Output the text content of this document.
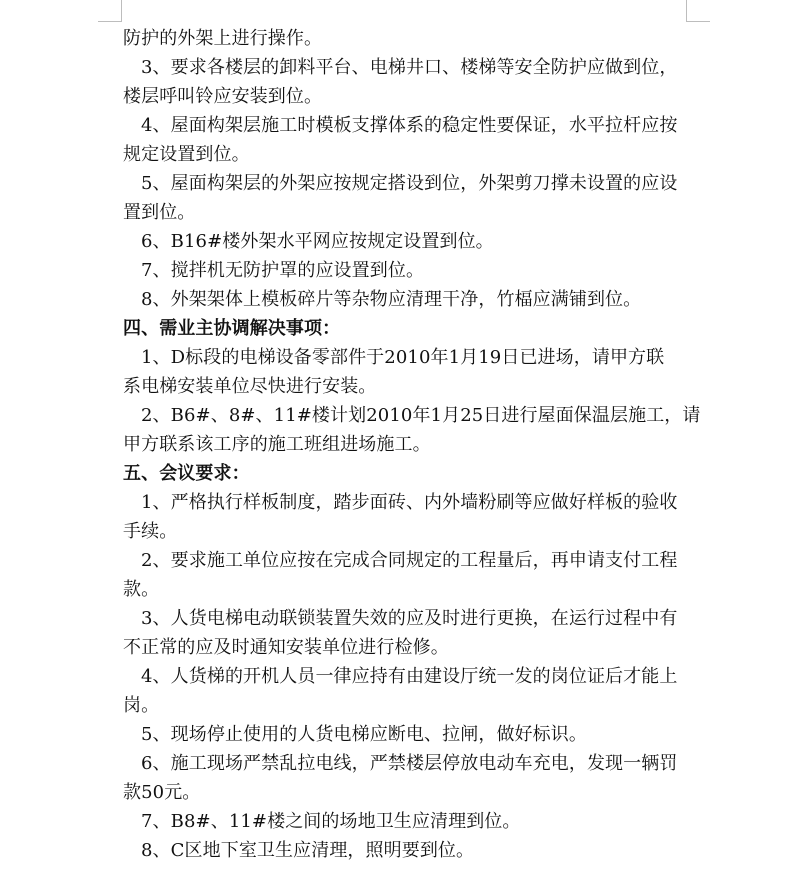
防护的外架上进行操作。
3、要求各楼层的卸料平台、电梯井口、楼梯等安全防护应做到位，
楼层呼叫铃应安装到位。
4、屋面构架层施工时模板支撑体系的稳定性要保证，水平拉杆应按
规定设置到位。
5、屋面构架层的外架应按规定搭设到位，外架剪刀撑未设置的应设
置到位。
6、B16#楼外架水平网应按规定设置到位。
7、搅拌机无防护罩的应设置到位。
8、外架架体上模板碎片等杂物应清理干净，竹楅应满铺到位。
四、需业主协调解决事项：
1、D标段的电梯设备零部件于2010年1月19日已进场，请甲方联
系电梯安装单位尽快进行安装。
2、B6#、8#、11#楼计划2010年1月25日进行屋面保温层施工，请
甲方联系该工序的施工班组进场施工。
五、会议要求：
1、严格执行样板制度，踏步面砖、内外墙粉刷等应做好样板的验收
手续。
2、要求施工单位应按在完成合同规定的工程量后，再申请支付工程
款。
3、人货电梯电动联锁装置失效的应及时进行更换，在运行过程中有
不正常的应及时通知安装单位进行检修。
4、人货梯的开机人员一律应持有由建设厅统一发的岗位证后才能上
岗。
5、现场停止使用的人货电梯应断电、拉闸，做好标识。
6、施工现场严禁乱拉电线，严禁楼层停放电动车充电，发现一辆罚
款50元。
7、B8#、11#楼之间的场地卫生应清理到位。
8、C区地下室卫生应清理，照明要到位。
